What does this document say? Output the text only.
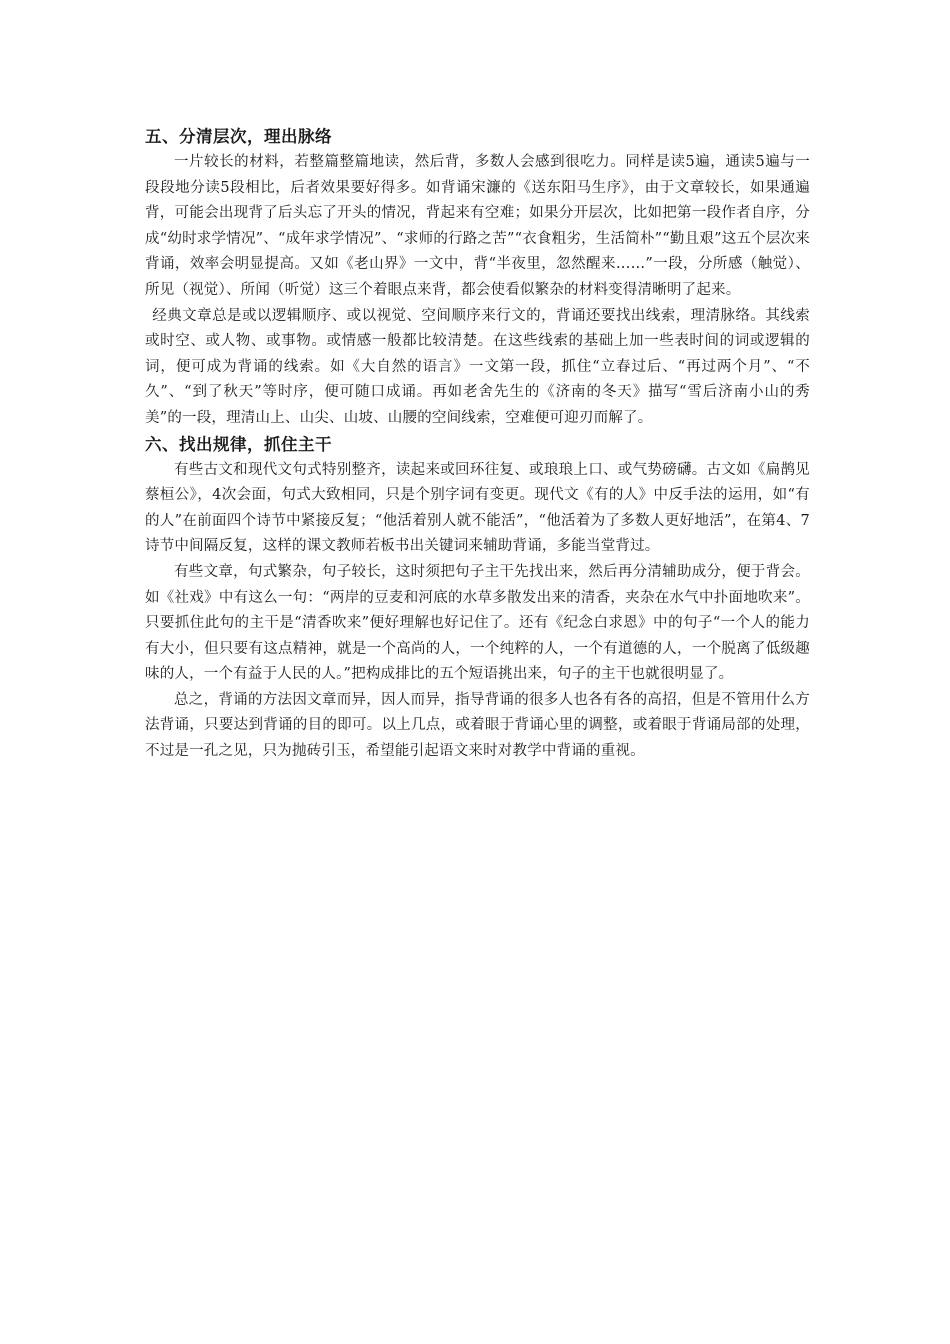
五、分清层次，理出脉络

一片较长的材料，若整篇整篇地读，然后背，多数人会感到很吃力。同样是读5遍，通读5遍与一段段地分读5段相比，后者效果要好得多。如背诵宋濂的《送东阳马生序》，由于文章较长，如果通遍背，可能会出现背了后头忘了开头的情况，背起来有空难；如果分开层次，比如把第一段作者自序，分成“幼时求学情况”、“成年求学情况”、“求师的行路之苦”“衣食粗劣，生活简朴”“勤且艰”这五个层次来背诵，效率会明显提高。又如《老山界》一文中，背“半夜里，忽然醒来……”一段，分所感（触觉）、所见（视觉）、所闻（听觉）这三个着眼点来背，都会使看似繁杂的材料变得清晰明了起来。

经典文章总是或以逻辑顺序、或以视觉、空间顺序来行文的，背诵还要找出线索，理清脉络。其线索或时空、或人物、或事物。或情感一般都比较清楚。在这些线索的基础上加一些表时间的词或逻辑的词，便可成为背诵的线索。如《大自然的语言》一文第一段，抓住“立春过后、“再过两个月”、“不久”、“到了秋天”等时序，便可随口成诵。再如老舍先生的《济南的冬天》描写“雪后济南小山的秀美”的一段，理清山上、山尖、山坡、山腰的空间线索，空难便可迎刃而解了。

六、找出规律，抓住主干

有些古文和现代文句式特别整齐，读起来或回环往复、或琅琅上口、或气势磅礴。古文如《扁鹊见蔡桓公》，4次会面，句式大致相同，只是个别字词有变更。现代文《有的人》中反手法的运用，如“有的人”在前面四个诗节中紧接反复；“他活着别人就不能活”，“他活着为了多数人更好地活”，在第4、7诗节中间隔反复，这样的课文教师若板书出关键词来辅助背诵，多能当堂背过。

有些文章，句式繁杂，句子较长，这时须把句子主干先找出来，然后再分清辅助成分，便于背会。如《社戏》中有这么一句：“两岸的豆麦和河底的水草多散发出来的清香，夹杂在水气中扑面地吹来”。只要抓住此句的主干是“清香吹来”便好理解也好记住了。还有《纪念白求恩》中的句子“一个人的能力有大小，但只要有这点精神，就是一个高尚的人，一个纯粹的人，一个有道德的人，一个脱离了低级趣味的人，一个有益于人民的人。”把构成排比的五个短语挑出来，句子的主干也就很明显了。

总之，背诵的方法因文章而异，因人而异，指导背诵的很多人也各有各的高招，但是不管用什么方法背诵，只要达到背诵的目的即可。以上几点，或着眼于背诵心里的调整，或着眼于背诵局部的处理，不过是一孔之见，只为抛砖引玉，希望能引起语文来时对教学中背诵的重视。
